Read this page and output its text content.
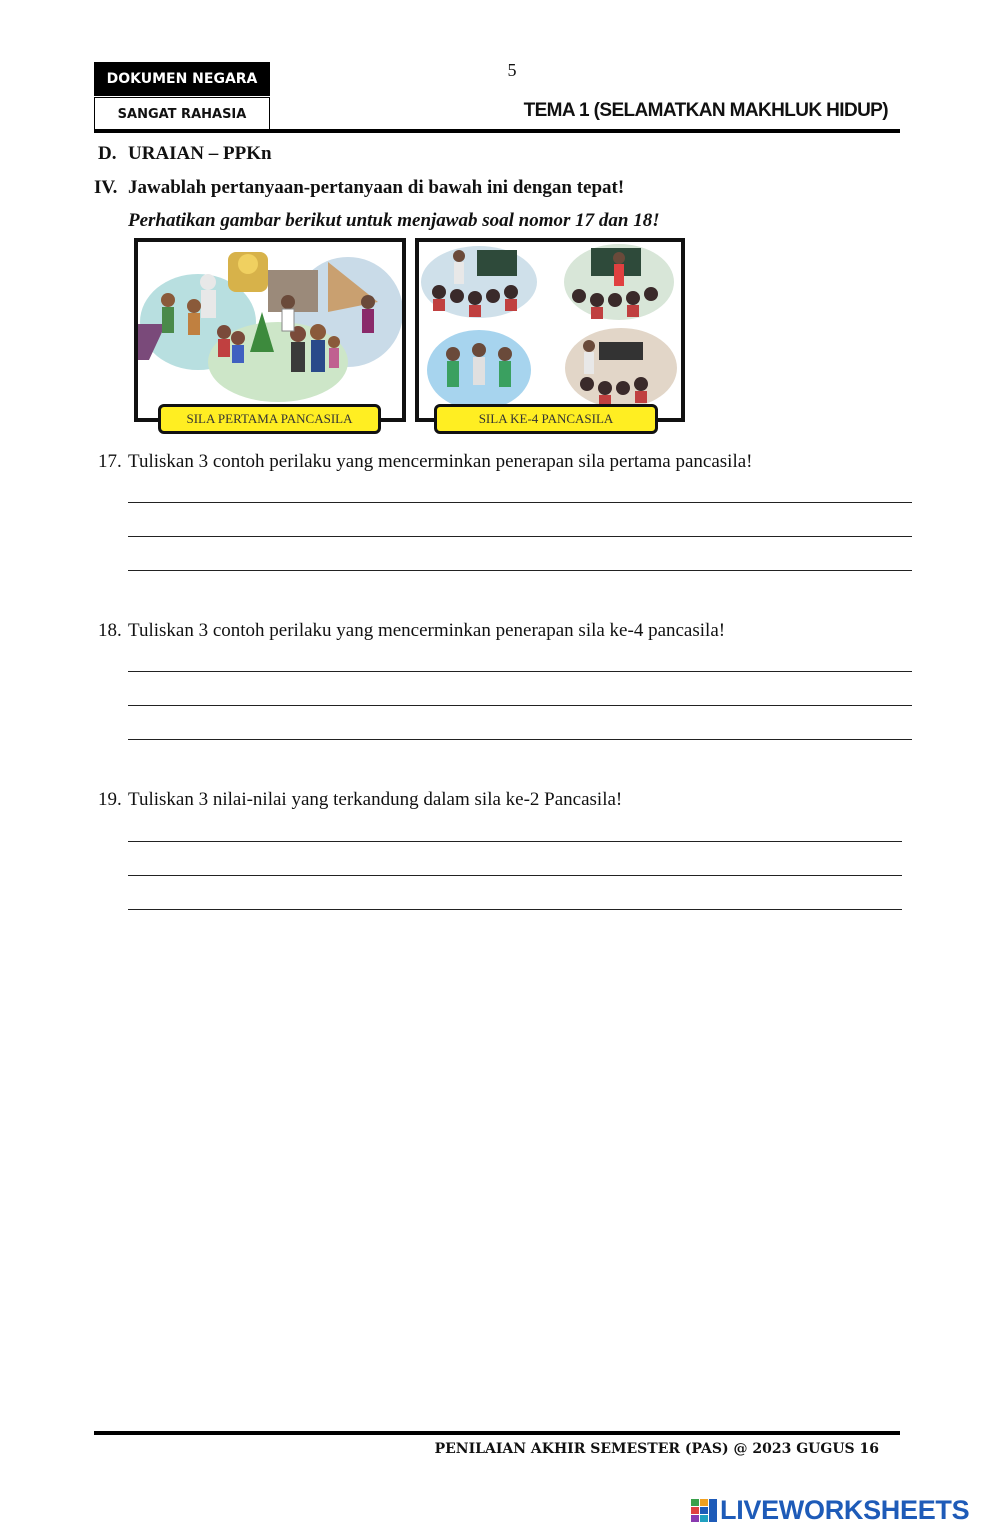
5
DOKUMEN NEGARA
SANGAT RAHASIA	TEMA 1 (SELAMATKAN MAKHLUK HIDUP)
D. URAIAN – PPKn
IV. Jawablah pertanyaan-pertanyaan di bawah ini dengan tepat!
Perhatikan gambar berikut untuk menjawab soal nomor 17 dan 18!
SILA PERTAMA PANCASILA	SILA KE-4 PANCASILA
17. Tuliskan 3 contoh perilaku yang mencerminkan penerapan sila pertama pancasila!
18. Tuliskan 3 contoh perilaku yang mencerminkan penerapan sila ke-4 pancasila!
19. Tuliskan 3 nilai-nilai yang terkandung dalam sila ke-2 Pancasila!
PENILAIAN AKHIR SEMESTER (PAS) @ 2023 GUGUS 16
LIVEWORKSHEETS
